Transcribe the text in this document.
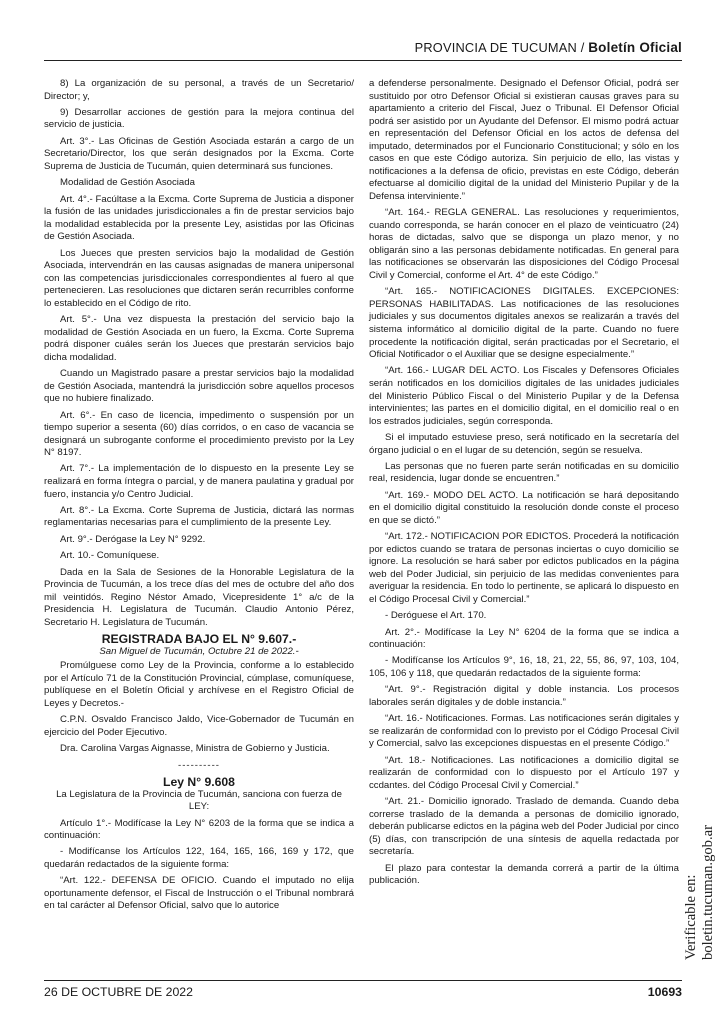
PROVINCIA DE TUCUMAN / Boletín Oficial

8) La organización de su personal, a través de un Secretario/ Director; y,

9) Desarrollar acciones de gestión para la mejora continua del servicio de justicia.

Art. 3°.- Las Oficinas de Gestión Asociada estarán a cargo de un Secretario/Director, los que serán designados por la Excma. Corte Suprema de Justicia de Tucumán, quien determinará sus funciones.

Modalidad de Gestión Asociada

Art. 4°.- Facúltase a la Excma. Corte Suprema de Justicia a disponer la fusión de las unidades jurisdiccionales a fin de prestar servicios bajo la modalidad establecida por la presente Ley, asistidas por las Oficinas de Gestión Asociada.

Los Jueces que presten servicios bajo la modalidad de Gestión Asociada, intervendrán en las causas asignadas de manera unipersonal con las competencias jurisdiccionales correspondientes al fuero al que pertenecieren. Las resoluciones que dictaren serán recurribles conforme lo establecido en el Código de rito.

Art. 5°.- Una vez dispuesta la prestación del servicio bajo la modalidad de Gestión Asociada en un fuero, la Excma. Corte Suprema podrá disponer cuáles serán los Jueces que prestarán servicios bajo dicha modalidad.

Cuando un Magistrado pasare a prestar servicios bajo la modalidad de Gestión Asociada, mantendrá la jurisdicción sobre aquellos procesos que no hubiere finalizado.

Art. 6°.- En caso de licencia, impedimento o suspensión por un tiempo superior a sesenta (60) días corridos, o en caso de vacancia se designará un subrogante conforme el procedimiento previsto por la Ley N° 8197.

Art. 7°.- La implementación de lo dispuesto en la presente Ley se realizará en forma íntegra o parcial, y de manera paulatina y gradual por fuero, instancia y/o Centro Judicial.

Art. 8°.- La Excma. Corte Suprema de Justicia, dictará las normas reglamentarias necesarias para el cumplimiento de la presente Ley.

Art. 9°.- Derógase la Ley N° 9292.

Art. 10.- Comuníquese.

Dada en la Sala de Sesiones de la Honorable Legislatura de la Provincia de Tucumán, a los trece días del mes de octubre del año dos mil veintidós. Regino Néstor Amado, Vicepresidente 1° a/c de la Presidencia H. Legislatura de Tucumán. Claudio Antonio Pérez, Secretario H. Legislatura de Tucumán.

REGISTRADA BAJO EL N° 9.607.-

San Miguel de Tucumán, Octubre 21 de 2022.-

Promúlguese como Ley de la Provincia, conforme a lo establecido por el Artículo 71 de la Constitución Provincial, cúmplase, comuníquese, publíquese en el Boletín Oficial y archívese en el Registro Oficial de Leyes y Decretos.-

C.P.N. Osvaldo Francisco Jaldo, Vice-Gobernador de Tucumán en ejercicio del Poder Ejecutivo.

Dra. Carolina Vargas Aignasse, Ministra de Gobierno y Justicia.

----------

Ley N° 9.608

La Legislatura de la Provincia de Tucumán, sanciona con fuerza de

LEY:

Artículo 1°.- Modifícase la Ley N° 6203 de la forma que se indica a continuación:

- Modifícanse los Artículos 122, 164, 165, 166, 169 y 172, que quedarán redactados de la siguiente forma:

“Art. 122.- DEFENSA DE OFICIO. Cuando el imputado no elija oportunamente defensor, el Fiscal de Instrucción o el Tribunal nombrará en tal carácter al Defensor Oficial, salvo que lo autorice

a defenderse personalmente. Designado el Defensor Oficial, podrá ser sustituido por otro Defensor Oficial si existieran causas graves para su apartamiento a criterio del Fiscal, Juez o Tribunal. El Defensor Oficial podrá ser asistido por un Ayudante del Defensor. El mismo podrá actuar en representación del Defensor Oficial en los actos de defensa del imputado, determinados por el Funcionario Constitucional; y sólo en los casos en que este Código autoriza. Sin perjuicio de ello, las vistas y notificaciones a la defensa de oficio, previstas en este Código, deberán efectuarse al domicilio digital de la unidad del Ministerio Pupilar y de la Defensa interviniente.”

“Art. 164.- REGLA GENERAL. Las resoluciones y requerimientos, cuando corresponda, se harán conocer en el plazo de veinticuatro (24) horas de dictadas, salvo que se disponga un plazo menor, y no obligarán sino a las personas debidamente notificadas. En general para las notificaciones se observarán las disposiciones del Código Procesal Civil y Comercial, conforme el Art. 4° de este Código.”

“Art. 165.- NOTIFICACIONES DIGITALES. EXCEPCIONES: PERSONAS HABILITADAS. Las notificaciones de las resoluciones judiciales y sus documentos digitales anexos se realizarán a través del sistema informático al domicilio digital de la parte. Cuando no fuere procedente la notificación digital, serán practicadas por el Secretario, el Oficial Notificador o el Auxiliar que se designe especialmente.”

“Art. 166.- LUGAR DEL ACTO. Los Fiscales y Defensores Oficiales serán notificados en los domicilios digitales de las unidades judiciales del Ministerio Público Fiscal o del Ministerio Pupilar y de la Defensa intervinientes; las partes en el domicilio digital, en el domicilio real o en los estrados judiciales, según corresponda.

Si el imputado estuviese preso, será notificado en la secretaría del órgano judicial o en el lugar de su detención, según se resuelva.

Las personas que no fueren parte serán notificadas en su domicilio real, residencia, lugar donde se encuentren.”

“Art. 169.- MODO DEL ACTO. La notificación se hará depositando en el domicilio digital constituido la resolución donde conste el proceso en que se dictó.”

“Art. 172.- NOTIFICACION POR EDICTOS. Procederá la notificación por edictos cuando se tratara de personas inciertas o cuyo domicilio se ignore. La resolución se hará saber por edictos publicados en la página web del Poder Judicial, sin perjuicio de las medidas convenientes para averiguar la residencia. En todo lo pertinente, se aplicará lo dispuesto en el Código Procesal Civil y Comercial.”

- Deróguese el Art. 170.

Art. 2°.- Modifícase la Ley N° 6204 de la forma que se indica a continuación:

- Modifícanse los Artículos 9°, 16, 18, 21, 22, 55, 86, 97, 103, 104, 105, 106 y 118, que quedarán redactados de la siguiente forma:

“Art. 9°.- Registración digital y doble instancia. Los procesos laborales serán digitales y de doble instancia.”

“Art. 16.- Notificaciones. Formas. Las notificaciones serán digitales y se realizarán de conformidad con lo previsto por el Código Procesal Civil y Comercial, salvo las excepciones dispuestas en el presente Código.”

“Art. 18.- Notificaciones. Las notificaciones a domicilio digital se realizarán de conformidad con lo dispuesto por el Artículo 197 y ccdantes. del Código Procesal Civil y Comercial.”

“Art. 21.- Domicilio ignorado. Traslado de demanda. Cuando deba correrse traslado de la demanda a personas de domicilio ignorado, deberán publicarse edictos en la página web del Poder Judicial por cinco (5) días, con transcripción de una síntesis de aquella redactada por secretaría.

El plazo para contestar la demanda correrá a partir de la última publicación.	Verificable en: boletin.tucuman.gob.ar
26 DE OCTUBRE DE 2022	10693
